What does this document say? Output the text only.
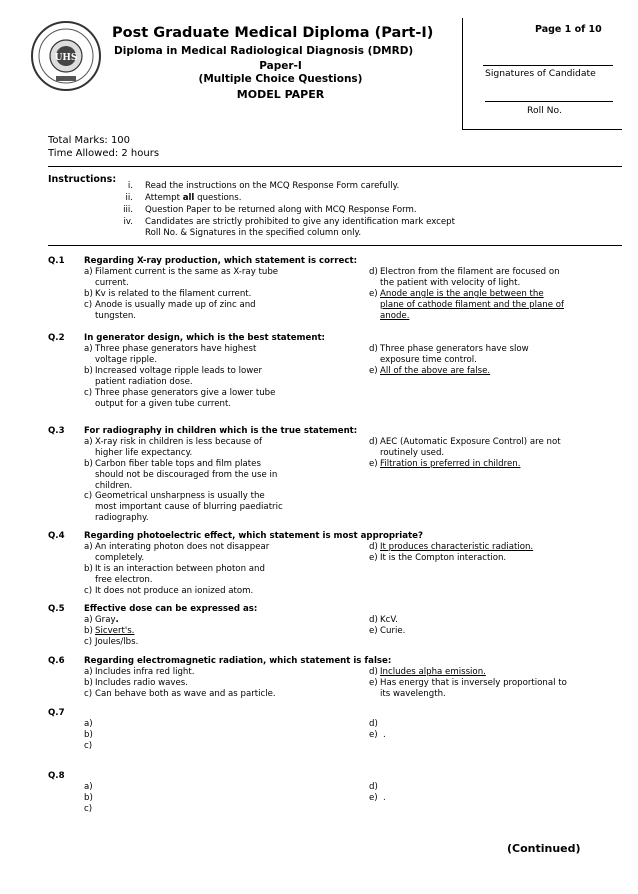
UHS
Post Graduate Medical Diploma (Part-I)
Diploma in Medical Radiological Diagnosis (DMRD)
Paper-I
(Multiple Choice Questions)
MODEL PAPER
Page 1 of 10
Signatures of Candidate
Roll No.
Total Marks: 100
Time Allowed: 2 hours
Instructions:
i. Read the instructions on the MCQ Response Form carefully.
ii. Attempt all questions.
iii. Question Paper to be returned along with MCQ Response Form.
iv. Candidates are strictly prohibited to give any identification mark except
Roll No. & Signatures in the specified column only.
Q.1 Regarding X-ray production, which statement is correct:
a) Filament current is the same as X-ray tube
current.
b) Kv is related to the filament current.
c) Anode is usually made up of zinc and
tungsten.
d) Electron from the filament are focused on
the patient with velocity of light.
e) Anode angle is the angle between the
plane of cathode filament and the plane of
anode.
Q.2 In generator design, which is the best statement:
a) Three phase generators have highest
voltage ripple.
b) Increased voltage ripple leads to lower
patient radiation dose.
c) Three phase generators give a lower tube
output for a given tube current.
d) Three phase generators have slow
exposure time control.
e) All of the above are false.
Q.3 For radiography in children which is the true statement:
a) X-ray risk in children is less because of
higher life expectancy.
b) Carbon fiber table tops and film plates
should not be discouraged from the use in
children.
c) Geometrical unsharpness is usually the
most important cause of blurring paediatric
radiography.
d) AEC (Automatic Exposure Control) are not
routinely used.
e) Filtration is preferred in children.
Q.4 Regarding photoelectric effect, which statement is most appropriate?
a) An interating photon does not disappear
completely.
b) It is an interaction between photon and
free electron.
c) It does not produce an ionized atom.
d) It produces characteristic radiation.
e) It is the Compton interaction.
Q.5 Effective dose can be expressed as:
a) Gray.
b) Sicvert's.
c) Joules/lbs.
d) KcV.
e) Curie.
Q.6 Regarding electromagnetic radiation, which statement is false:
a) Includes infra red light.
b) Includes radio waves.
c) Can behave both as wave and as particle.
d) Includes alpha emission.
e) Has energy that is inversely proportional to
its wavelength.
Q.7
a)
b)
c)
d)
e) .
Q.8
a)
b)
c)
d)
e) .
(Continued)
